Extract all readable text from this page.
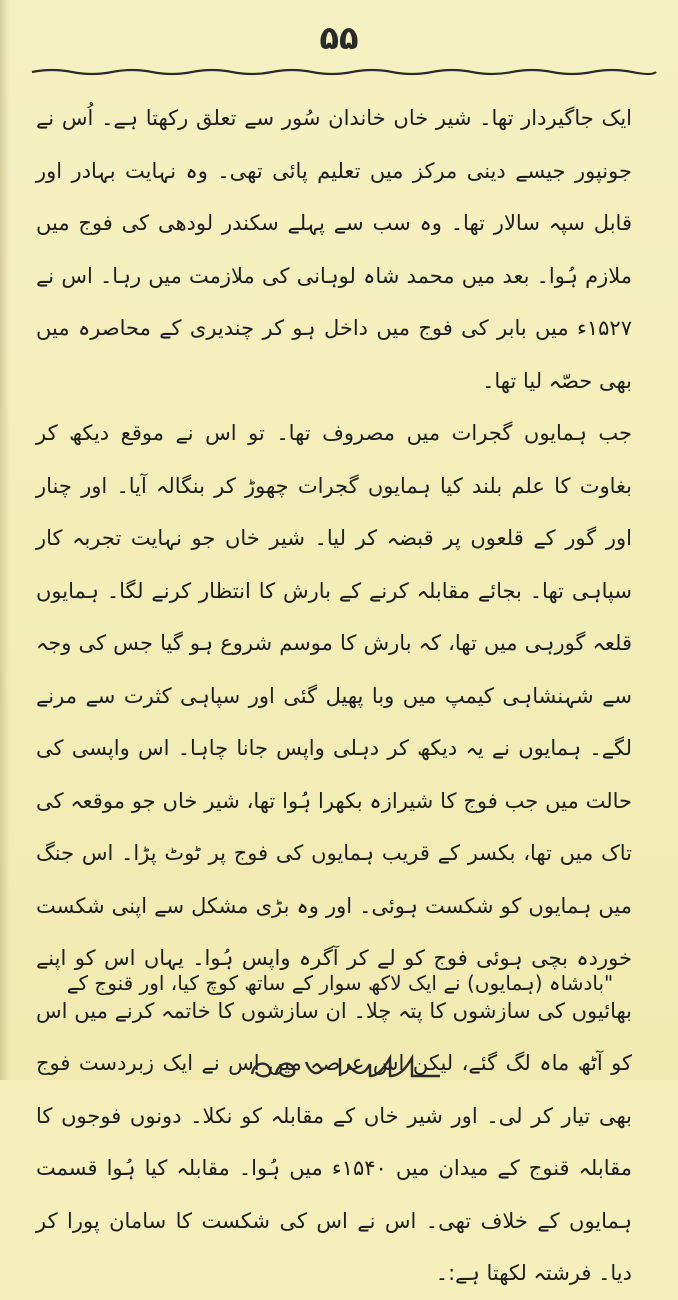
۵۵

ایک جاگیردار تھا۔ شیر خاں خاندان سُور سے تعلق رکھتا ہے۔ اُس نے جونپور جیسے دینی مرکز میں تعلیم پائی تھی۔ وہ نہایت بہادر اور قابل سپہ سالار تھا۔ وہ سب سے پہلے سکندر لودھی کی فوج میں ملازم ہُوا۔ بعد میں محمد شاہ لوہانی کی ملازمت میں رہا۔ اس نے ۱۵۲۷ء میں بابر کی فوج میں داخل ہو کر چندیری کے محاصرہ میں بھی حصّہ لیا تھا۔

جب ہمایوں گجرات میں مصروف تھا۔ تو اس نے موقع دیکھ کر بغاوت کا علم بلند کیا ہمایوں گجرات چھوڑ کر بنگالہ آیا۔ اور چنار اور گور کے قلعوں پر قبضہ کر لیا۔ شیر خاں جو نہایت تجربہ کار سپاہی تھا۔ بجائے مقابلہ کرنے کے بارش کا انتظار کرنے لگا۔ ہمایوں قلعہ گورہی میں تھا، کہ بارش کا موسم شروع ہو گیا جس کی وجہ سے شہنشاہی کیمپ میں وبا پھیل گئی اور سپاہی کثرت سے مرنے لگے۔ ہمایوں نے یہ دیکھ کر دہلی واپس جانا چاہا۔ اس واپسی کی حالت میں جب فوج کا شیرازہ بکھرا ہُوا تھا، شیر خاں جو موقعہ کی تاک میں تھا، بکسر کے قریب ہمایوں کی فوج پر ٹوٹ پڑا۔ اس جنگ میں ہمایوں کو شکست ہوئی۔ اور وہ بڑی مشکل سے اپنی شکست خوردہ بچی ہوئی فوج کو لے کر آگرہ واپس ہُوا۔ یہاں اس کو اپنے بھائیوں کی سازشوں کا پتہ چلا۔ ان سازشوں کا خاتمہ کرنے میں اس کو آٹھ ماہ لگ گئے، لیکن اس عرصہ میں اس نے ایک زبردست فوج بھی تیار کر لی۔ اور شیر خاں کے مقابلہ کو نکلا۔ دونوں فوجوں کا مقابلہ قنوج کے میدان میں ۱۵۴۰ء میں ہُوا۔ مقابلہ کیا ہُوا قسمت ہمایوں کے خلاف تھی۔ اس نے اس کی شکست کا سامان پورا کر دیا۔ فرشتہ لکھتا ہے:۔

"بادشاہ (ہمایوں) نے ایک لاکھ سوار کے ساتھ کوچ کیا، اور قنوج کے
